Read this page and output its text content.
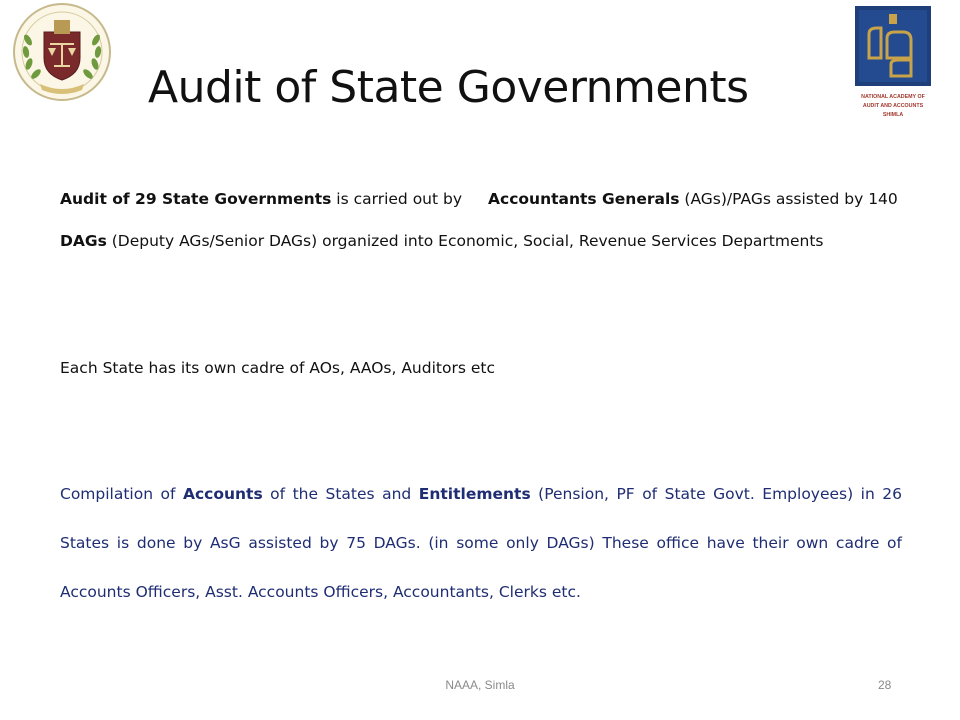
NATIONAL ACADEMY OF
AUDIT AND ACCOUNTS
SHIMLA
Audit of State Governments
Audit of 29 State Governments is carried out by Accountants Generals (AGs)/PAGs assisted by 140 DAGs (Deputy AGs/Senior DAGs) organized into Economic, Social, Revenue Services Departments
Each State has its own cadre of AOs, AAOs, Auditors etc
Compilation of Accounts of the States and Entitlements (Pension, PF of State Govt. Employees) in 26 States is done by AsG assisted by 75 DAGs. (in some only DAGs) These office have their own cadre of Accounts Officers, Asst. Accounts Officers, Accountants, Clerks etc.
NAAA, Simla	28
